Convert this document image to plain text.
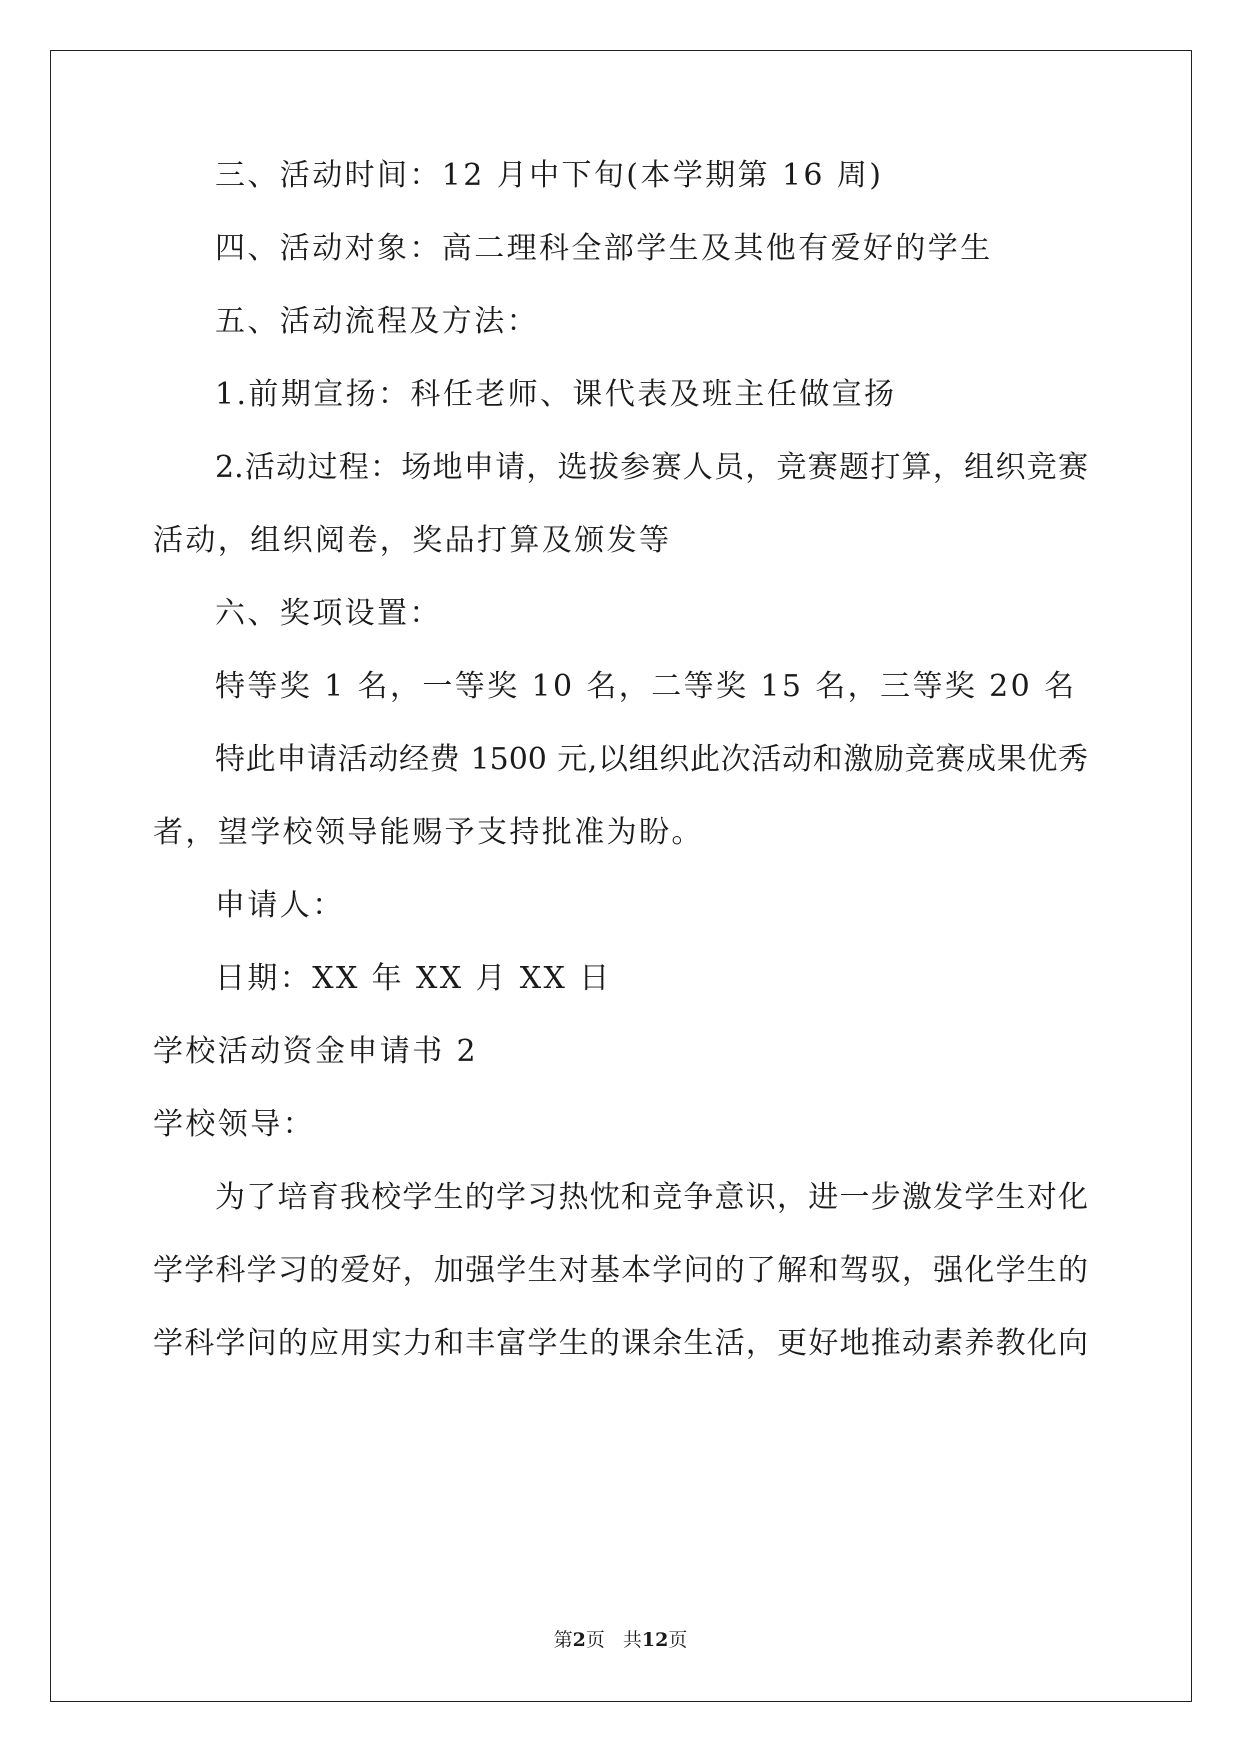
三、活动时间：12 月中下旬(本学期第 16 周)
四、活动对象：高二理科全部学生及其他有爱好的学生
五、活动流程及方法：
1.前期宣扬：科任老师、课代表及班主任做宣扬
2.活动过程：场地申请，选拔参赛人员，竞赛题打算，组织竞赛
活动，组织阅卷，奖品打算及颁发等
六、奖项设置：
特等奖 1 名，一等奖 10 名，二等奖 15 名，三等奖 20 名
特此申请活动经费 1500 元,以组织此次活动和激励竞赛成果优秀
者，望学校领导能赐予支持批准为盼。
申请人：
日期：XX 年 XX 月 XX 日
学校活动资金申请书 2
学校领导：
为了培育我校学生的学习热忱和竞争意识，进一步激发学生对化
学学科学习的爱好，加强学生对基本学问的了解和驾驭，强化学生的
学科学问的应用实力和丰富学生的课余生活，更好地推动素养教化向
第2页 共12页
